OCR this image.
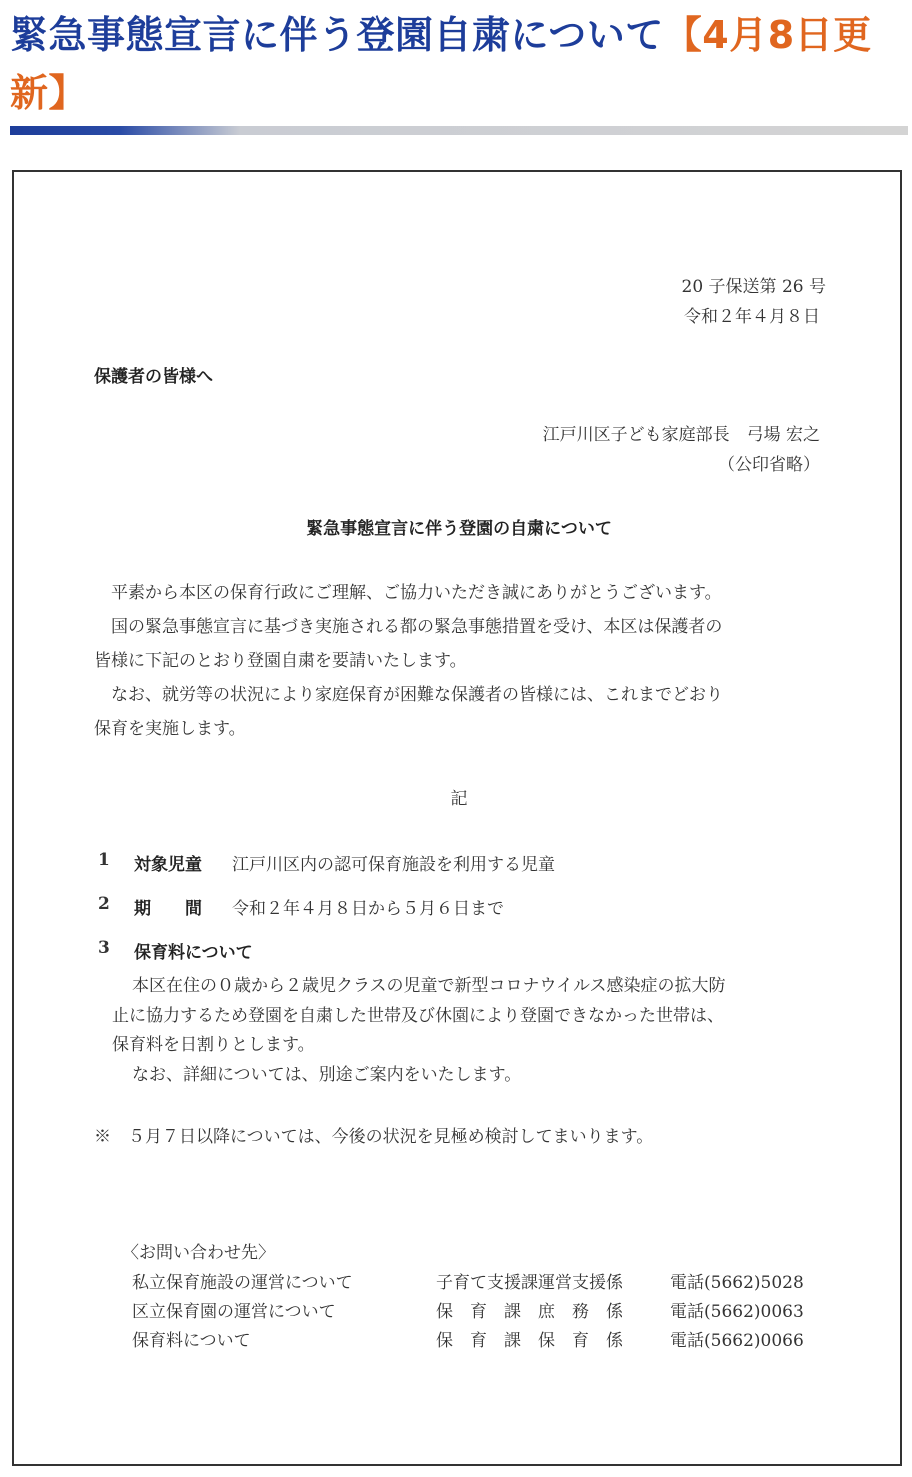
緊急事態宣言に伴う登園自粛について【4月8日更新】
20 子保送第 26 号
令和２年４月８日
保護者の皆様へ
江戸川区子ども家庭部長　弓場 宏之
（公印省略）
緊急事態宣言に伴う登園の自粛について

平素から本区の保育行政にご理解、ご協力いただき誠にありがとうございます。

国の緊急事態宣言に基づき実施される都の緊急事態措置を受け、本区は保護者の

皆様に下記のとおり登園自粛を要請いたします。

なお、就労等の状況により家庭保育が困難な保護者の皆様には、これまでどおり

保育を実施します。

記
1 対象児童 江戸川区内の認可保育施設を利用する児童
2 期　　間 令和２年４月８日から５月６日まで
3 保育料について

本区在住の０歳から２歳児クラスの児童で新型コロナウイルス感染症の拡大防

止に協力するため登園を自粛した世帯及び休園により登園できなかった世帯は、

保育料を日割りとします。

なお、詳細については、別途ご案内をいたします。

※　５月７日以降については、今後の状況を見極め検討してまいります。
〈お問い合わせ先〉
私立保育施設の運営について	子育て支援課運営支援係	電話(5662)5028
区立保育園の運営について	保　育　課　庶　務　係	電話(5662)0063
保育料について	保　育　課　保　育　係	電話(5662)0066
